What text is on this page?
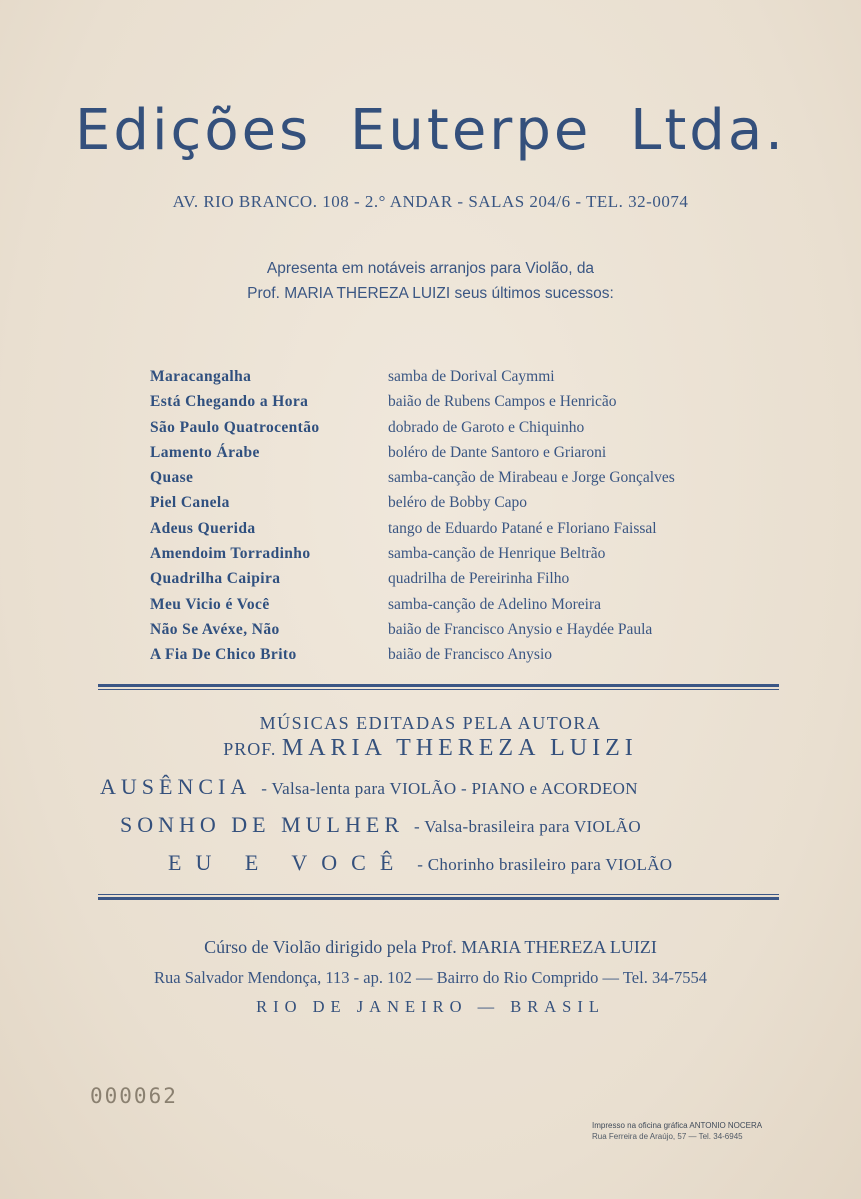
Edições Euterpe Ltda.
AV. RIO BRANCO. 108 - 2.° ANDAR - SALAS 204/6 - TEL. 32-0074
Apresenta em notáveis arranjos para Violão, da
Prof. MARIA THEREZA LUIZI seus últimos sucessos:
Maracangalha	samba de Dorival Caymmi
Está Chegando a Hora	baião de Rubens Campos e Henricão
São Paulo Quatrocentão	dobrado de Garoto e Chiquinho
Lamento Árabe	boléro de Dante Santoro e Griaroni
Quase	samba-canção de Mirabeau e Jorge Gonçalves
Piel Canela	beléro de Bobby Capo
Adeus Querida	tango de Eduardo Patané e Floriano Faissal
Amendoim Torradinho	samba-canção de Henrique Beltrão
Quadrilha Caipira	quadrilha de Pereirinha Filho
Meu Vicio é Você	samba-canção de Adelino Moreira
Não Se Avéxe, Não	baião de Francisco Anysio e Haydée Paula
A Fia De Chico Brito	baião de Francisco Anysio
MÚSICAS EDITADAS PELA AUTORA
PROF. MARIA THEREZA LUIZI
AUSÊNCIA - Valsa-lenta para VIOLÃO - PIANO e ACORDEON
SONHO DE MULHER - Valsa-brasileira para VIOLÃO
EU E VOCÊ - Chorinho brasileiro para VIOLÃO
Cúrso de Violão dirigido pela Prof. MARIA THEREZA LUIZI
Rua Salvador Mendonça, 113 - ap. 102 — Bairro do Rio Comprido — Tel. 34-7554
RIO DE JANEIRO — BRASIL
000062
Impresso na oficina gráfica ANTONIO NOCERA
Rua Ferreira de Araújo, 57 — Tel. 34-6945
